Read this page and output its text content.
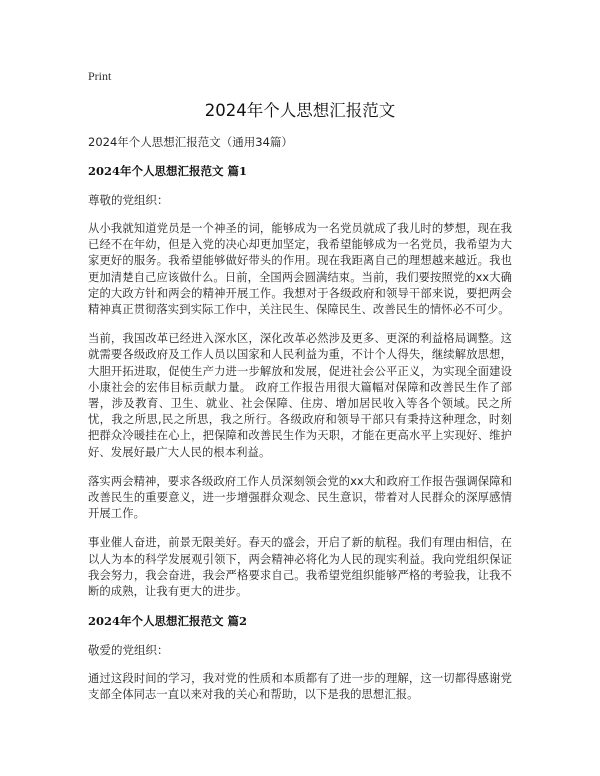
Print

2024年个人思想汇报范文

2024年个人思想汇报范文（通用34篇）

2024年个人思想汇报范文 篇1

尊敬的党组织：

从小我就知道党员是一个神圣的词，能够成为一名党员就成了我儿时的梦想，现在我已经不在年幼，但是入党的决心却更加坚定，我希望能够成为一名党员，我希望为大家更好的服务。我希望能够做好带头的作用。现在我距离自己的理想越来越近。我也更加清楚自己应该做什么。日前，全国两会圆满结束。当前，我们要按照党的xx大确定的大政方针和两会的精神开展工作。我想对于各级政府和领导干部来说，要把两会精神真正贯彻落实到实际工作中，关注民生、保障民生、改善民生的情怀必不可少。

当前，我国改革已经进入深水区，深化改革必然涉及更多、更深的利益格局调整。这就需要各级政府及工作人员以国家和人民利益为重，不计个人得失，继续解放思想，大胆开拓进取，促使生产力进一步解放和发展，促进社会公平正义，为实现全面建设小康社会的宏伟目标贡献力量。 政府工作报告用很大篇幅对保障和改善民生作了部署，涉及教育、卫生、就业、社会保障、住房、增加居民收入等各个领域。民之所忧，我之所思,民之所思，我之所行。各级政府和领导干部只有秉持这种理念，时刻把群众冷暖挂在心上，把保障和改善民生作为天职，才能在更高水平上实现好、维护好、发展好最广大人民的根本利益。

落实两会精神，要求各级政府工作人员深刻领会党的xx大和政府工作报告强调保障和改善民生的重要意义，进一步增强群众观念、民生意识，带着对人民群众的深厚感情开展工作。

事业催人奋进，前景无限美好。春天的盛会，开启了新的航程。我们有理由相信，在以人为本的科学发展观引领下，两会精神必将化为人民的现实利益。我向党组织保证我会努力，我会奋进，我会严格要求自己。我希望党组织能够严格的考验我，让我不断的成熟，让我有更大的进步。

2024年个人思想汇报范文 篇2

敬爱的党组织：

通过这段时间的学习，我对党的性质和本质都有了进一步的理解，这一切都得感谢党支部全体同志一直以来对我的关心和帮助，以下是我的思想汇报。
